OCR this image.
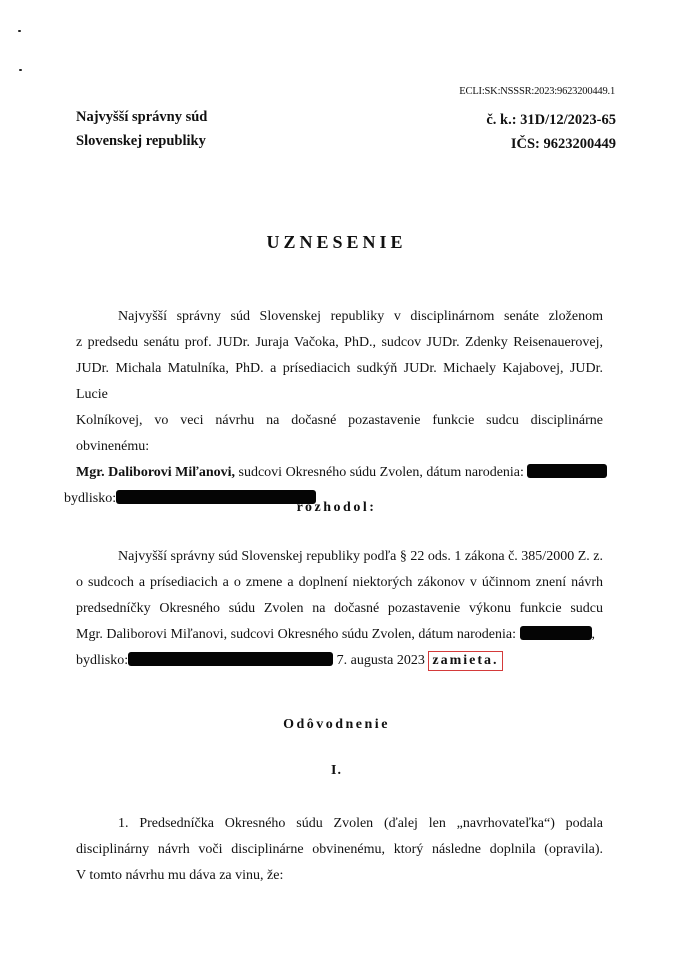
ECLI:SK:NSSSR:2023:9623200449.1
Najvyšší správny súd
Slovenskej republiky
č. k.: 31D/12/2023-65
IČS: 9623200449
UZNESENIE
Najvyšší správny súd Slovenskej republiky v disciplinárnom senáte zloženom
z predsedu senátu prof. JUDr. Juraja Vačoka, PhD., sudcov JUDr. Zdenky Reisenauerovej,
JUDr. Michala Matulníka, PhD. a prísediacich sudkýň JUDr. Michaely Kajabovej, JUDr. Lucie
Kolníkovej, vo veci návrhu na dočasné pozastavenie funkcie sudcu disciplinárne obvinenému:
Mgr. Daliborovi Miľanovi, sudcovi Okresného súdu Zvolen, dátum narodenia:
bydlisko:
rozhodol:
Najvyšší správny súd Slovenskej republiky podľa § 22 ods. 1 zákona č. 385/2000 Z. z.
o sudcoch a prísediacich a o zmene a doplnení niektorých zákonov v účinnom znení návrh
predsedníčky Okresného súdu Zvolen na dočasné pozastavenie výkonu funkcie sudcu
Mgr. Daliborovi Miľanovi, sudcovi Okresného súdu Zvolen, dátum narodenia:	,
bydlisko:	7. augusta 2023 zamieta.
Odôvodnenie
I.
1. Predsedníčka Okresného súdu Zvolen (ďalej len „navrhovateľka“) podala
disciplinárny návrh voči disciplinárne obvinenému, ktorý následne doplnila (opravila).
V tomto návrhu mu dáva za vinu, že:
